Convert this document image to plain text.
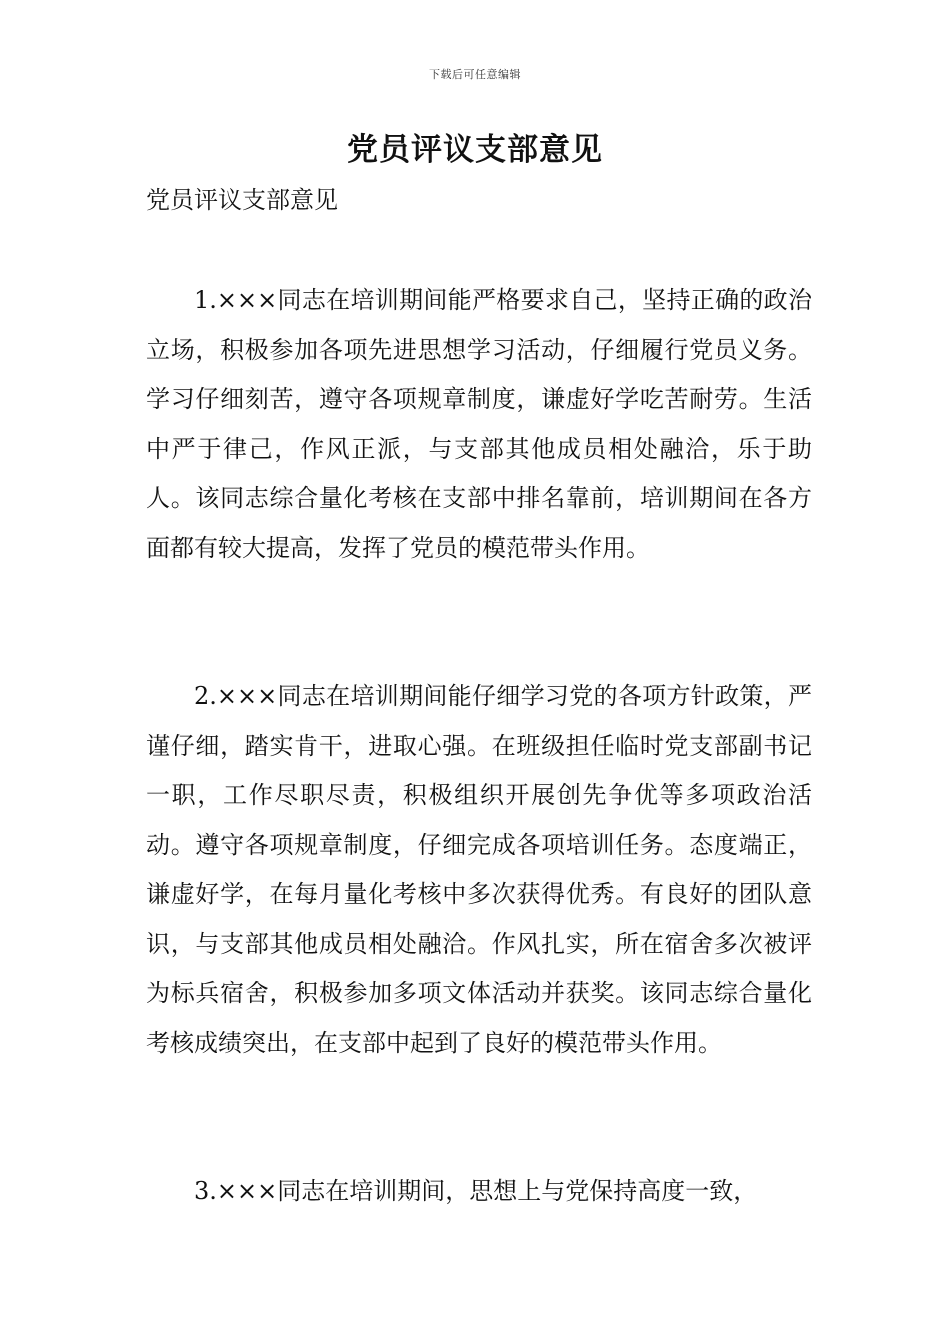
下载后可任意编辑
党员评议支部意见

党员评议支部意见

1.×××同志在培训期间能严格要求自己，坚持正确的政治立场，积极参加各项先进思想学习活动，仔细履行党员义务。学习仔细刻苦，遵守各项规章制度，谦虚好学吃苦耐劳。生活中严于律己，作风正派，与支部其他成员相处融洽，乐于助人。该同志综合量化考核在支部中排名靠前，培训期间在各方面都有较大提高，发挥了党员的模范带头作用。

2.×××同志在培训期间能仔细学习党的各项方针政策，严谨仔细，踏实肯干，进取心强。在班级担任临时党支部副书记一职，工作尽职尽责，积极组织开展创先争优等多项政治活动。遵守各项规章制度，仔细完成各项培训任务。态度端正，谦虚好学，在每月量化考核中多次获得优秀。有良好的团队意识，与支部其他成员相处融洽。作风扎实，所在宿舍多次被评为标兵宿舍，积极参加多项文体活动并获奖。该同志综合量化考核成绩突出，在支部中起到了良好的模范带头作用。

3.×××同志在培训期间，思想上与党保持高度一致，
